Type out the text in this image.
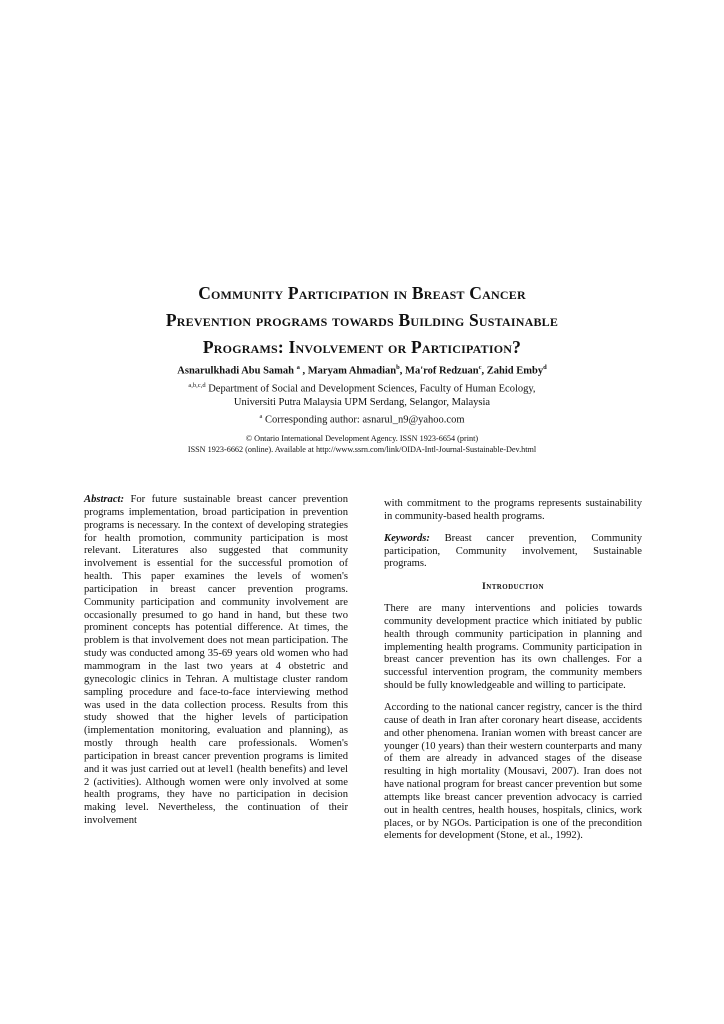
Community Participation in Breast Cancer
Prevention programs towards Building Sustainable
Programs: Involvement or Participation?
Asnarulkhadi Abu Samah $^a$ , Maryam Ahmadian$^b$, Ma'rof Redzuan$^c$, Zahid Emby$^d$
$^{a,b,c,d}$ Department of Social and Development Sciences, Faculty of Human Ecology,
Universiti Putra Malaysia UPM Serdang, Selangor, Malaysia
$^a$ Corresponding author: asnarul_n9@yahoo.com
© Ontario International Development Agency. ISSN 1923-6654 (print)
ISSN 1923-6662 (online). Available at http://www.ssrn.com/link/OIDA-Intl-Journal-Sustainable-Dev.html

Abstract: For future sustainable breast cancer prevention programs implementation, broad participation in prevention programs is necessary. In the context of developing strategies for health promotion, community participation is most relevant. Literatures also suggested that community involvement is essential for the successful promotion of health. This paper examines the levels of women's participation in breast cancer prevention programs. Community participation and community involvement are occasionally presumed to go hand in hand, but these two prominent concepts has potential difference. At times, the problem is that involvement does not mean participation. The study was conducted among 35-69 years old women who had mammogram in the last two years at 4 obstetric and gynecologic clinics in Tehran. A multistage cluster random sampling procedure and face-to-face interviewing method was used in the data collection process. Results from this study showed that the higher levels of participation (implementation monitoring, evaluation and planning), as mostly through health care professionals. Women's participation in breast cancer prevention programs is limited and it was just carried out at level1 (health benefits) and level 2 (activities). Although women were only involved at some health programs, they have no participation in decision making level. Nevertheless, the continuation of their involvement

with commitment to the programs represents sustainability in community-based health programs.

Keywords: Breast cancer prevention, Community participation, Community involvement, Sustainable programs.

Introduction

There are many interventions and policies towards community development practice which initiated by public health through community participation in planning and implementing health programs. Community participation in breast cancer prevention has its own challenges. For a successful intervention program, the community members should be fully knowledgeable and willing to participate.

According to the national cancer registry, cancer is the third cause of death in Iran after coronary heart disease, accidents and other phenomena. Iranian women with breast cancer are younger (10 years) than their western counterparts and many of them are already in advanced stages of the disease resulting in high mortality (Mousavi, 2007). Iran does not have national program for breast cancer prevention but some attempts like breast cancer prevention advocacy is carried out in health centres, health houses, hospitals, clinics, work places, or by NGOs. Participation is one of the precondition elements for development (Stone, et al., 1992).
